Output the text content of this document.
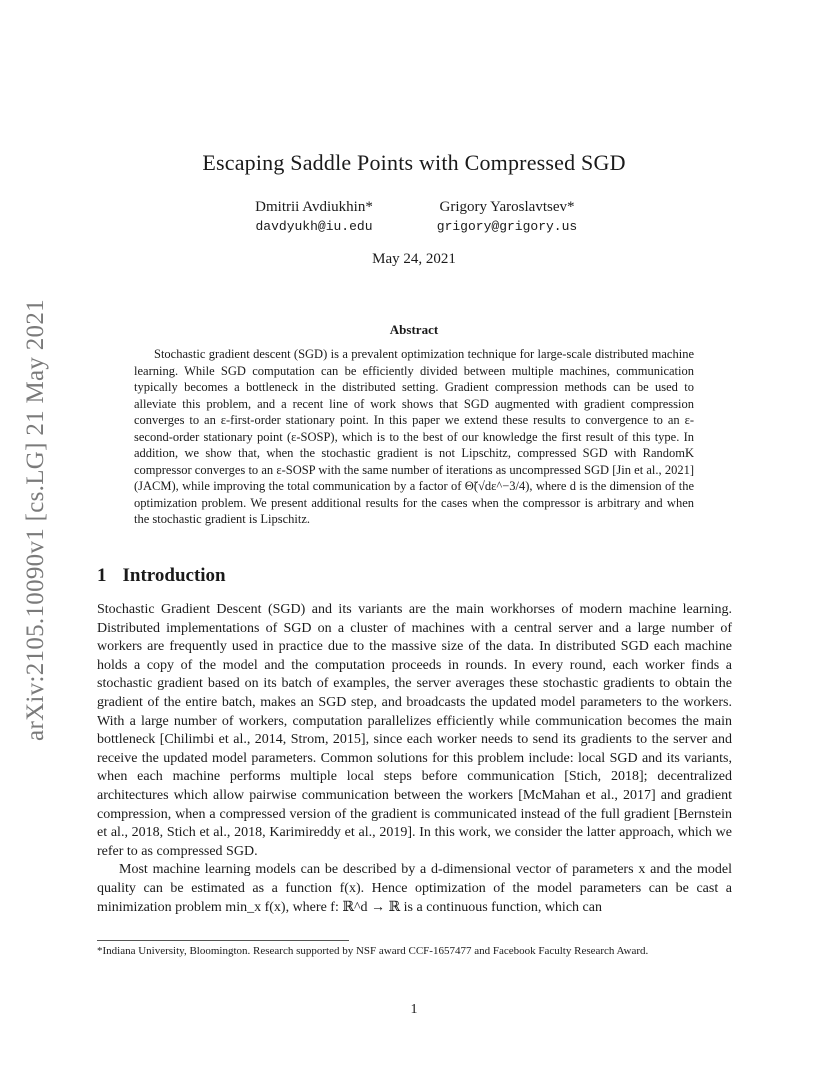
arXiv:2105.10090v1 [cs.LG] 21 May 2021
Escaping Saddle Points with Compressed SGD
Dmitrii Avdiukhin*
davdyukh@iu.edu
Grigory Yaroslavtsev*
grigory@grigory.us
May 24, 2021
Abstract
Stochastic gradient descent (SGD) is a prevalent optimization technique for large-scale distributed machine learning. While SGD computation can be efficiently divided between multiple machines, communication typically becomes a bottleneck in the distributed setting. Gradient compression methods can be used to alleviate this problem, and a recent line of work shows that SGD augmented with gradient compression converges to an ε-first-order stationary point. In this paper we extend these results to convergence to an ε-second-order stationary point (ε-SOSP), which is to the best of our knowledge the first result of this type. In addition, we show that, when the stochastic gradient is not Lipschitz, compressed SGD with RandomK compressor converges to an ε-SOSP with the same number of iterations as uncompressed SGD [Jin et al., 2021] (JACM), while improving the total communication by a factor of Θ̃(√dε^−3/4), where d is the dimension of the optimization problem. We present additional results for the cases when the compressor is arbitrary and when the stochastic gradient is Lipschitz.
1 Introduction

Stochastic Gradient Descent (SGD) and its variants are the main workhorses of modern machine learning. Distributed implementations of SGD on a cluster of machines with a central server and a large number of workers are frequently used in practice due to the massive size of the data. In distributed SGD each machine holds a copy of the model and the computation proceeds in rounds. In every round, each worker finds a stochastic gradient based on its batch of examples, the server averages these stochastic gradients to obtain the gradient of the entire batch, makes an SGD step, and broadcasts the updated model parameters to the workers. With a large number of workers, computation parallelizes efficiently while communication becomes the main bottleneck [Chilimbi et al., 2014, Strom, 2015], since each worker needs to send its gradients to the server and receive the updated model parameters. Common solutions for this problem include: local SGD and its variants, when each machine performs multiple local steps before communication [Stich, 2018]; decentralized architectures which allow pairwise communication between the workers [McMahan et al., 2017] and gradient compression, when a compressed version of the gradient is communicated instead of the full gradient [Bernstein et al., 2018, Stich et al., 2018, Karimireddy et al., 2019]. In this work, we consider the latter approach, which we refer to as compressed SGD.

Most machine learning models can be described by a d-dimensional vector of parameters x and the model quality can be estimated as a function f(x). Hence optimization of the model parameters can be cast a minimization problem min_x f(x), where f: ℝ^d → ℝ is a continuous function, which can

*Indiana University, Bloomington. Research supported by NSF award CCF-1657477 and Facebook Faculty Research Award.
1
